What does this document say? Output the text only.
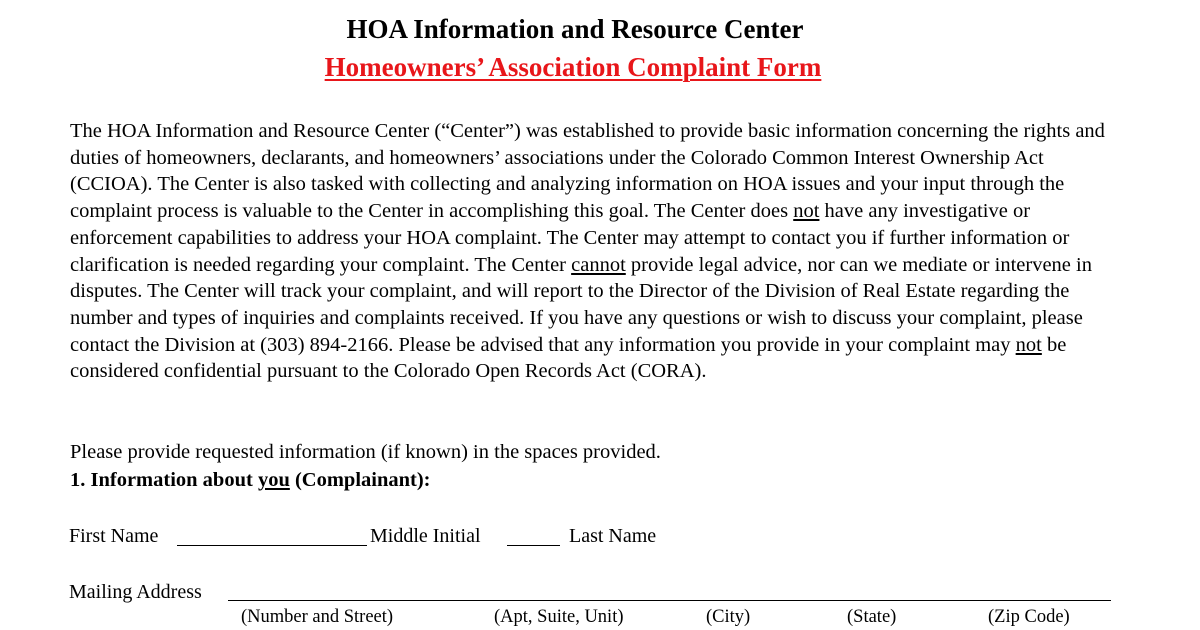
HOA Information and Resource Center
Homeowners’ Association Complaint Form

The HOA Information and Resource Center (“Center”) was established to provide basic information concerning the rights and duties of homeowners, declarants, and homeowners’ associations under the Colorado Common Interest Ownership Act (CCIOA). The Center is also tasked with collecting and analyzing information on HOA issues and your input through the complaint process is valuable to the Center in accomplishing this goal. The Center does not have any investigative or enforcement capabilities to address your HOA complaint. The Center may attempt to contact you if further information or clarification is needed regarding your complaint. The Center cannot provide legal advice, nor can we mediate or intervene in disputes. The Center will track your complaint, and will report to the Director of the Division of Real Estate regarding the number and types of inquiries and complaints received. If you have any questions or wish to discuss your complaint, please contact the Division at (303) 894-2166. Please be advised that any information you provide in your complaint may not be considered confidential pursuant to the Colorado Open Records Act (CORA).

Please provide requested information (if known) in the spaces provided.
1. Information about you (Complainant):
First Name	Middle Initial	Last Name
Mailing Address
(Number and Street)	(Apt, Suite, Unit)	(City)	(State)	(Zip Code)
